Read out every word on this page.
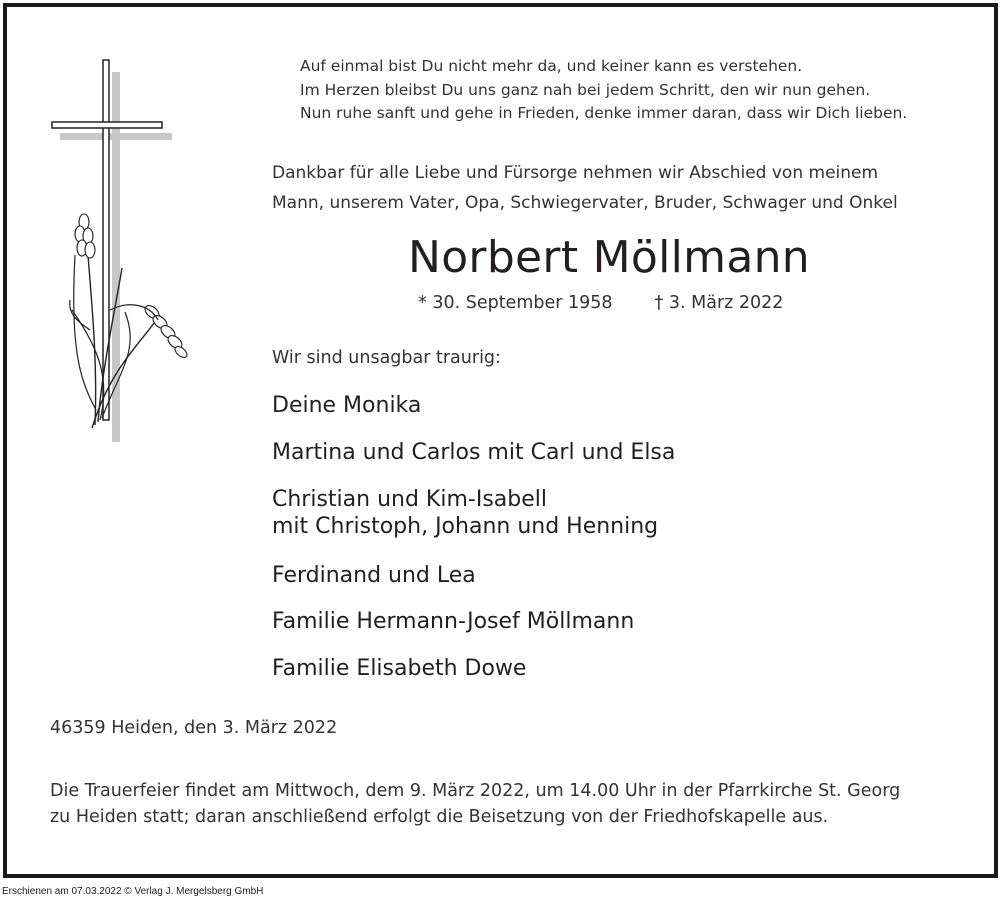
Auf einmal bist Du nicht mehr da, und keiner kann es verstehen.
Im Herzen bleibst Du uns ganz nah bei jedem Schritt, den wir nun gehen.
Nun ruhe sanft und gehe in Frieden, denke immer daran, dass wir Dich lieben.
Dankbar für alle Liebe und Fürsorge nehmen wir Abschied von meinem
Mann, unserem Vater, Opa, Schwiegervater, Bruder, Schwager und Onkel
Norbert Möllmann
* 30. September 1958 † 3. März 2022
Wir sind unsagbar traurig:
Deine Monika
Martina und Carlos mit Carl und Elsa
Christian und Kim-Isabell
mit Christoph, Johann und Henning
Ferdinand und Lea
Familie Hermann-Josef Möllmann
Familie Elisabeth Dowe
46359 Heiden, den 3. März 2022
Die Trauerfeier findet am Mittwoch, dem 9. März 2022, um 14.00 Uhr in der Pfarrkirche St. Georg
zu Heiden statt; daran anschließend erfolgt die Beisetzung von der Friedhofskapelle aus.
Erschienen am 07.03.2022 © Verlag J. Mergelsberg GmbH
